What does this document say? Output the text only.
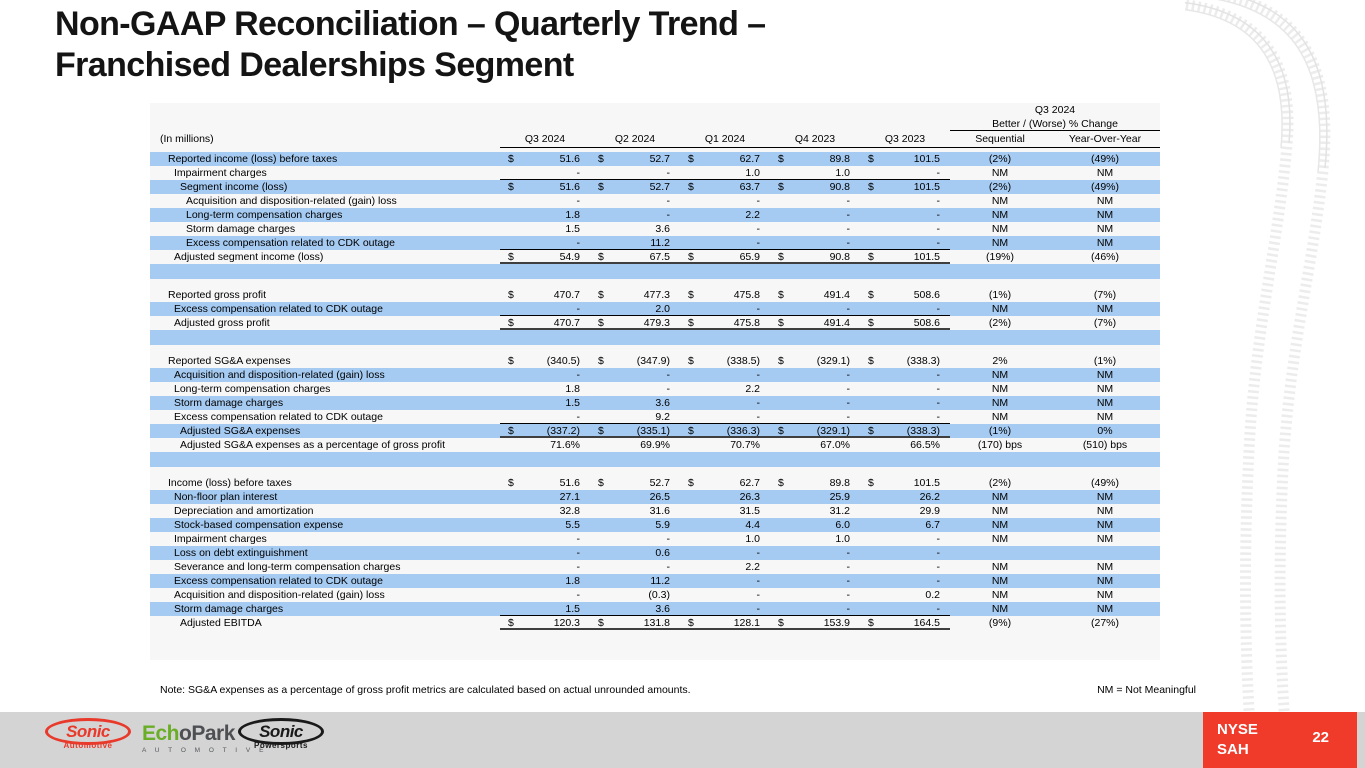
Non-GAAP Reconciliation – Quarterly Trend –
Franchised Dealerships Segment
Q3 2024
Better / (Worse) % Change
(In millions)	Q3 2024	Q2 2024	Q1 2024	Q4 2023	Q3 2023	Sequential	Year-Over-Year
Reported income (loss) before taxes	$	51.6 $	52.7 $	62.7 $	89.8 $	101.5	(2%)	(49%)
Impairment charges	-	-	1.0	1.0	-	NM	NM
Segment income (loss)	$	51.6 $	52.7 $	63.7 $	90.8 $	101.5	(2%)	(49%)
Acquisition and disposition-related (gain) loss	-	-	-	-	-	NM	NM
Long-term compensation charges	1.8	-	2.2	-	-	NM	NM
Storm damage charges	1.5	3.6	-	-	-	NM	NM
Excess compensation related to CDK outage	-	11.2	-	-	-	NM	NM
Adjusted segment income (loss)	$	54.9 $	67.5 $	65.9 $	90.8 $	101.5	(19%)	(46%)
Reported gross profit	$	470.7 $	477.3 $	475.8 $	491.4 $	508.6	(1%)	(7%)
Excess compensation related to CDK outage	-	2.0	-	-	-	NM	NM
Adjusted gross profit	$	470.7 $	479.3 $	475.8 $	491.4 $	508.6	(2%)	(7%)
Reported SG&A expenses	$	(340.5) $	(347.9) $	(338.5) $	(329.1) $	(338.3)	2%	(1%)
Acquisition and disposition-related (gain) loss	-	-	-	-	-	NM	NM
Long-term compensation charges	1.8	-	2.2	-	-	NM	NM
Storm damage charges	1.5	3.6	-	-	-	NM	NM
Excess compensation related to CDK outage	-	9.2	-	-	-	NM	NM
Adjusted SG&A expenses	$	(337.2) $	(335.1) $	(336.3) $	(329.1) $	(338.3)	(1%)	0%
Adjusted SG&A expenses as a percentage of gross profit	71.6%	69.9%	70.7%	67.0%	66.5%	(170) bps	(510) bps
Income (loss) before taxes	$	51.6 $	52.7 $	62.7 $	89.8 $	101.5	(2%)	(49%)
Non-floor plan interest	27.1	26.5	26.3	25.9	26.2	NM	NM
Depreciation and amortization	32.8	31.6	31.5	31.2	29.9	NM	NM
Stock-based compensation expense	5.5	5.9	4.4	6.0	6.7	NM	NM
Impairment charges	-	-	1.0	1.0	-	NM	NM
Loss on debt extinguishment	-	0.6	-	-	-
Severance and long-term compensation charges	-	-	2.2	-	-	NM	NM
Excess compensation related to CDK outage	1.8	11.2	-	-	-	NM	NM
Acquisition and disposition-related (gain) loss	-	(0.3)	-	-	0.2	NM	NM
Storm damage charges	1.5	3.6	-	-	-	NM	NM
Adjusted EBITDA	$	120.3 $	131.8 $	128.1 $	153.9 $	164.5	(9%)	(27%)
Note: SG&A expenses as a percentage of gross profit metrics are calculated based on actual unrounded amounts.	NM = Not Meaningful
Sonic
Automotive
EchoPark
A U T O M O T I V E
Sonic
Powersports
NYSE
SAH
22
